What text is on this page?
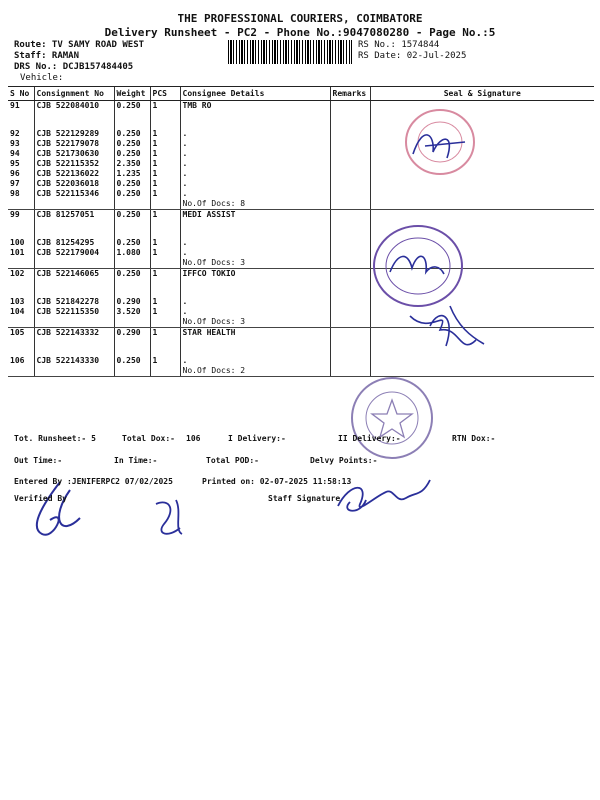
THE PROFESSIONAL COURIERS, COIMBATORE
Delivery Runsheet - PC2 - Phone No.:9047080280 - Page No.:5
Route: TV SAMY ROAD WEST
Staff: RAMAN
DRS No.: DCJB157484405
Vehicle:
RS No.: 1574844
RS Date: 02-Jul-2025
S No	Consignment No	Weight	PCS	Consignee Details	Remarks	Seal & Signature
91	CJB 522084010	0.250	1	TMB RO		

92	CJB 522129289	0.250	1	.		
93	CJB 522179078	0.250	1	.		
94	CJB 521730630	0.250	1	.		
95	CJB 522115352	2.350	1	.		
96	CJB 522136022	1.235	1	.		
97	CJB 522036018	0.250	1	.		
98	CJB 522115346	0.250	1	.		
				No.Of Docs: 8		
99	CJB 81257051	0.250	1	MEDI ASSIST		

100	CJB 81254295	0.250	1	.		
101	CJB 522179004	1.080	1	.		
				No.Of Docs: 3		
102	CJB 522146065	0.250	1	IFFCO TOKIO		

103	CJB 521842278	0.290	1	.		
104	CJB 522115350	3.520	1	.		
				No.Of Docs: 3		
105	CJB 522143332	0.290	1	STAR HEALTH		

106	CJB 522143330	0.250	1	.		
				No.Of Docs: 2		
Tot. Runsheet:- 5	Total Dox:- 106	I Delivery:-	II Delivery:-	RTN Dox:-
Out Time:-	In Time:-	Total POD:-	Delvy Points:-
Entered By :JENIFERPC2 07/02/2025	Printed on: 02-07-2025 11:58:13
Verified By	Staff Signature
